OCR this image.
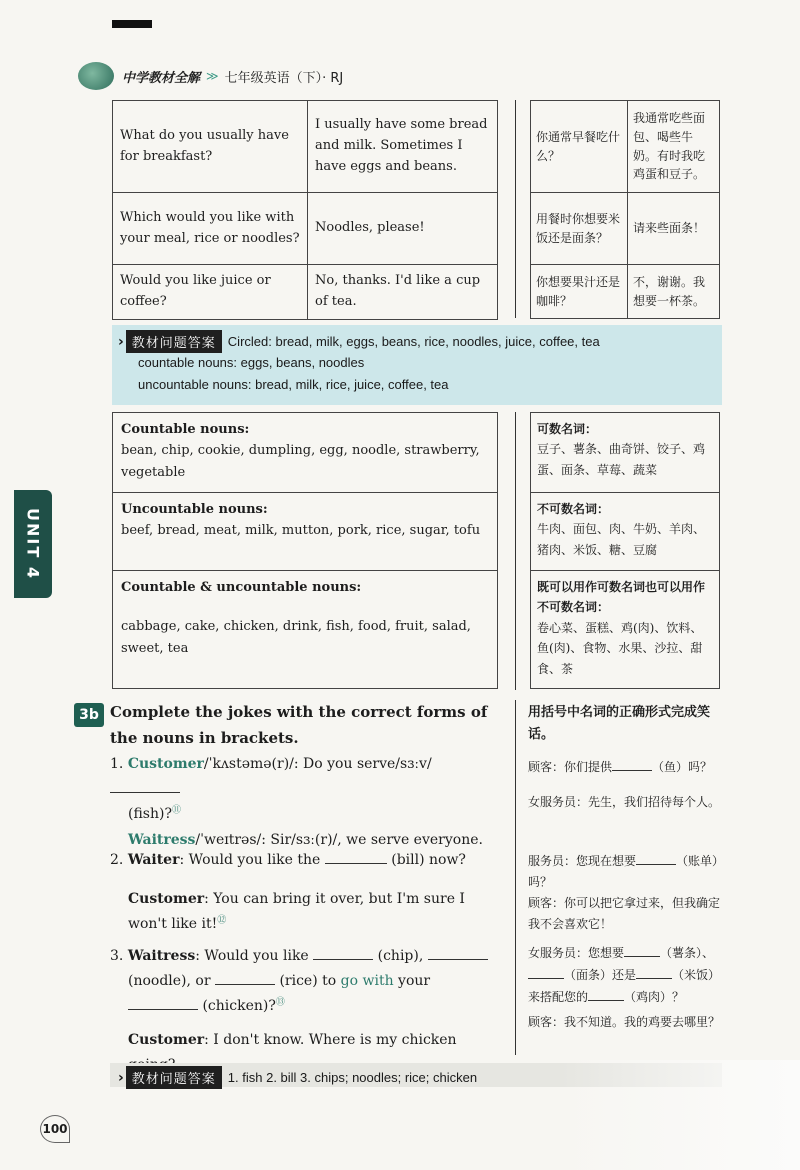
中学教材全解 ≫ 七年级英语（下）· RJ
What do you usually have for breakfast?	I usually have some bread and milk. Sometimes I have eggs and beans.
Which would you like with your meal, rice or noodles?	Noodles, please!
Would you like juice or coffee?	No, thanks. I'd like a cup of tea.
你通常早餐吃什么？	我通常吃些面包、喝些牛奶。有时我吃鸡蛋和豆子。
用餐时你想要米饭还是面条？	请来些面条！
你想要果汁还是咖啡？	不，谢谢。我想要一杯茶。
› 教材问题答案 Circled: bread, milk, eggs, beans, rice, noodles, juice, coffee, tea
countable nouns: eggs, beans, noodles
uncountable nouns: bread, milk, rice, juice, coffee, tea
Countable nouns:
bean, chip, cookie, dumpling, egg, noodle, strawberry, vegetable

Uncountable nouns:
beef, bread, meat, milk, mutton, pork, rice, sugar, tofu

Countable & uncountable nouns:
cabbage, cake, chicken, drink, fish, food, fruit, salad, sweet, tea
可数名词：
豆子、薯条、曲奇饼、饺子、鸡蛋、面条、草莓、蔬菜

不可数名词：
牛肉、面包、肉、牛奶、羊肉、猪肉、米饭、糖、豆腐

既可以用作可数名词也可以用作不可数名词：
卷心菜、蛋糕、鸡(肉)、饮料、鱼(肉)、食物、水果、沙拉、甜食、茶
UNIT 4
3b Complete the jokes with the correct forms of the nouns in brackets.
用括号中名词的正确形式完成笑话。
1. Customer/ˈkʌstəmə(r)/: Do you serve/sɜːv/
(fish)?⑪
Waitress/ˈweɪtrəs/: Sir/sɜː(r)/, we serve everyone.
2. Waiter: Would you like the	(bill) now?
Customer: You can bring it over, but I'm sure I won't like it!⑫
3. Waitress: Would you like	(chip),
(noodle), or	(rice) to go with your
(chicken)?⑬
Customer: I don't know. Where is my chicken
顾客：你们提供	（鱼）吗？
女服务员：先生，我们招待每个人。
服务员：您现在想要	（账单）吗？
顾客：你可以把它拿过来，但我确定我不会喜欢它！
女服务员：您想要	（薯条）、（面条）还是	（米饭）来搭配您的	（鸡肉）？
顾客：我不知道。我的鸡要去哪里？
› 教材问题答案 1. fish 2. bill 3. chips; noodles; rice; chicken
100
